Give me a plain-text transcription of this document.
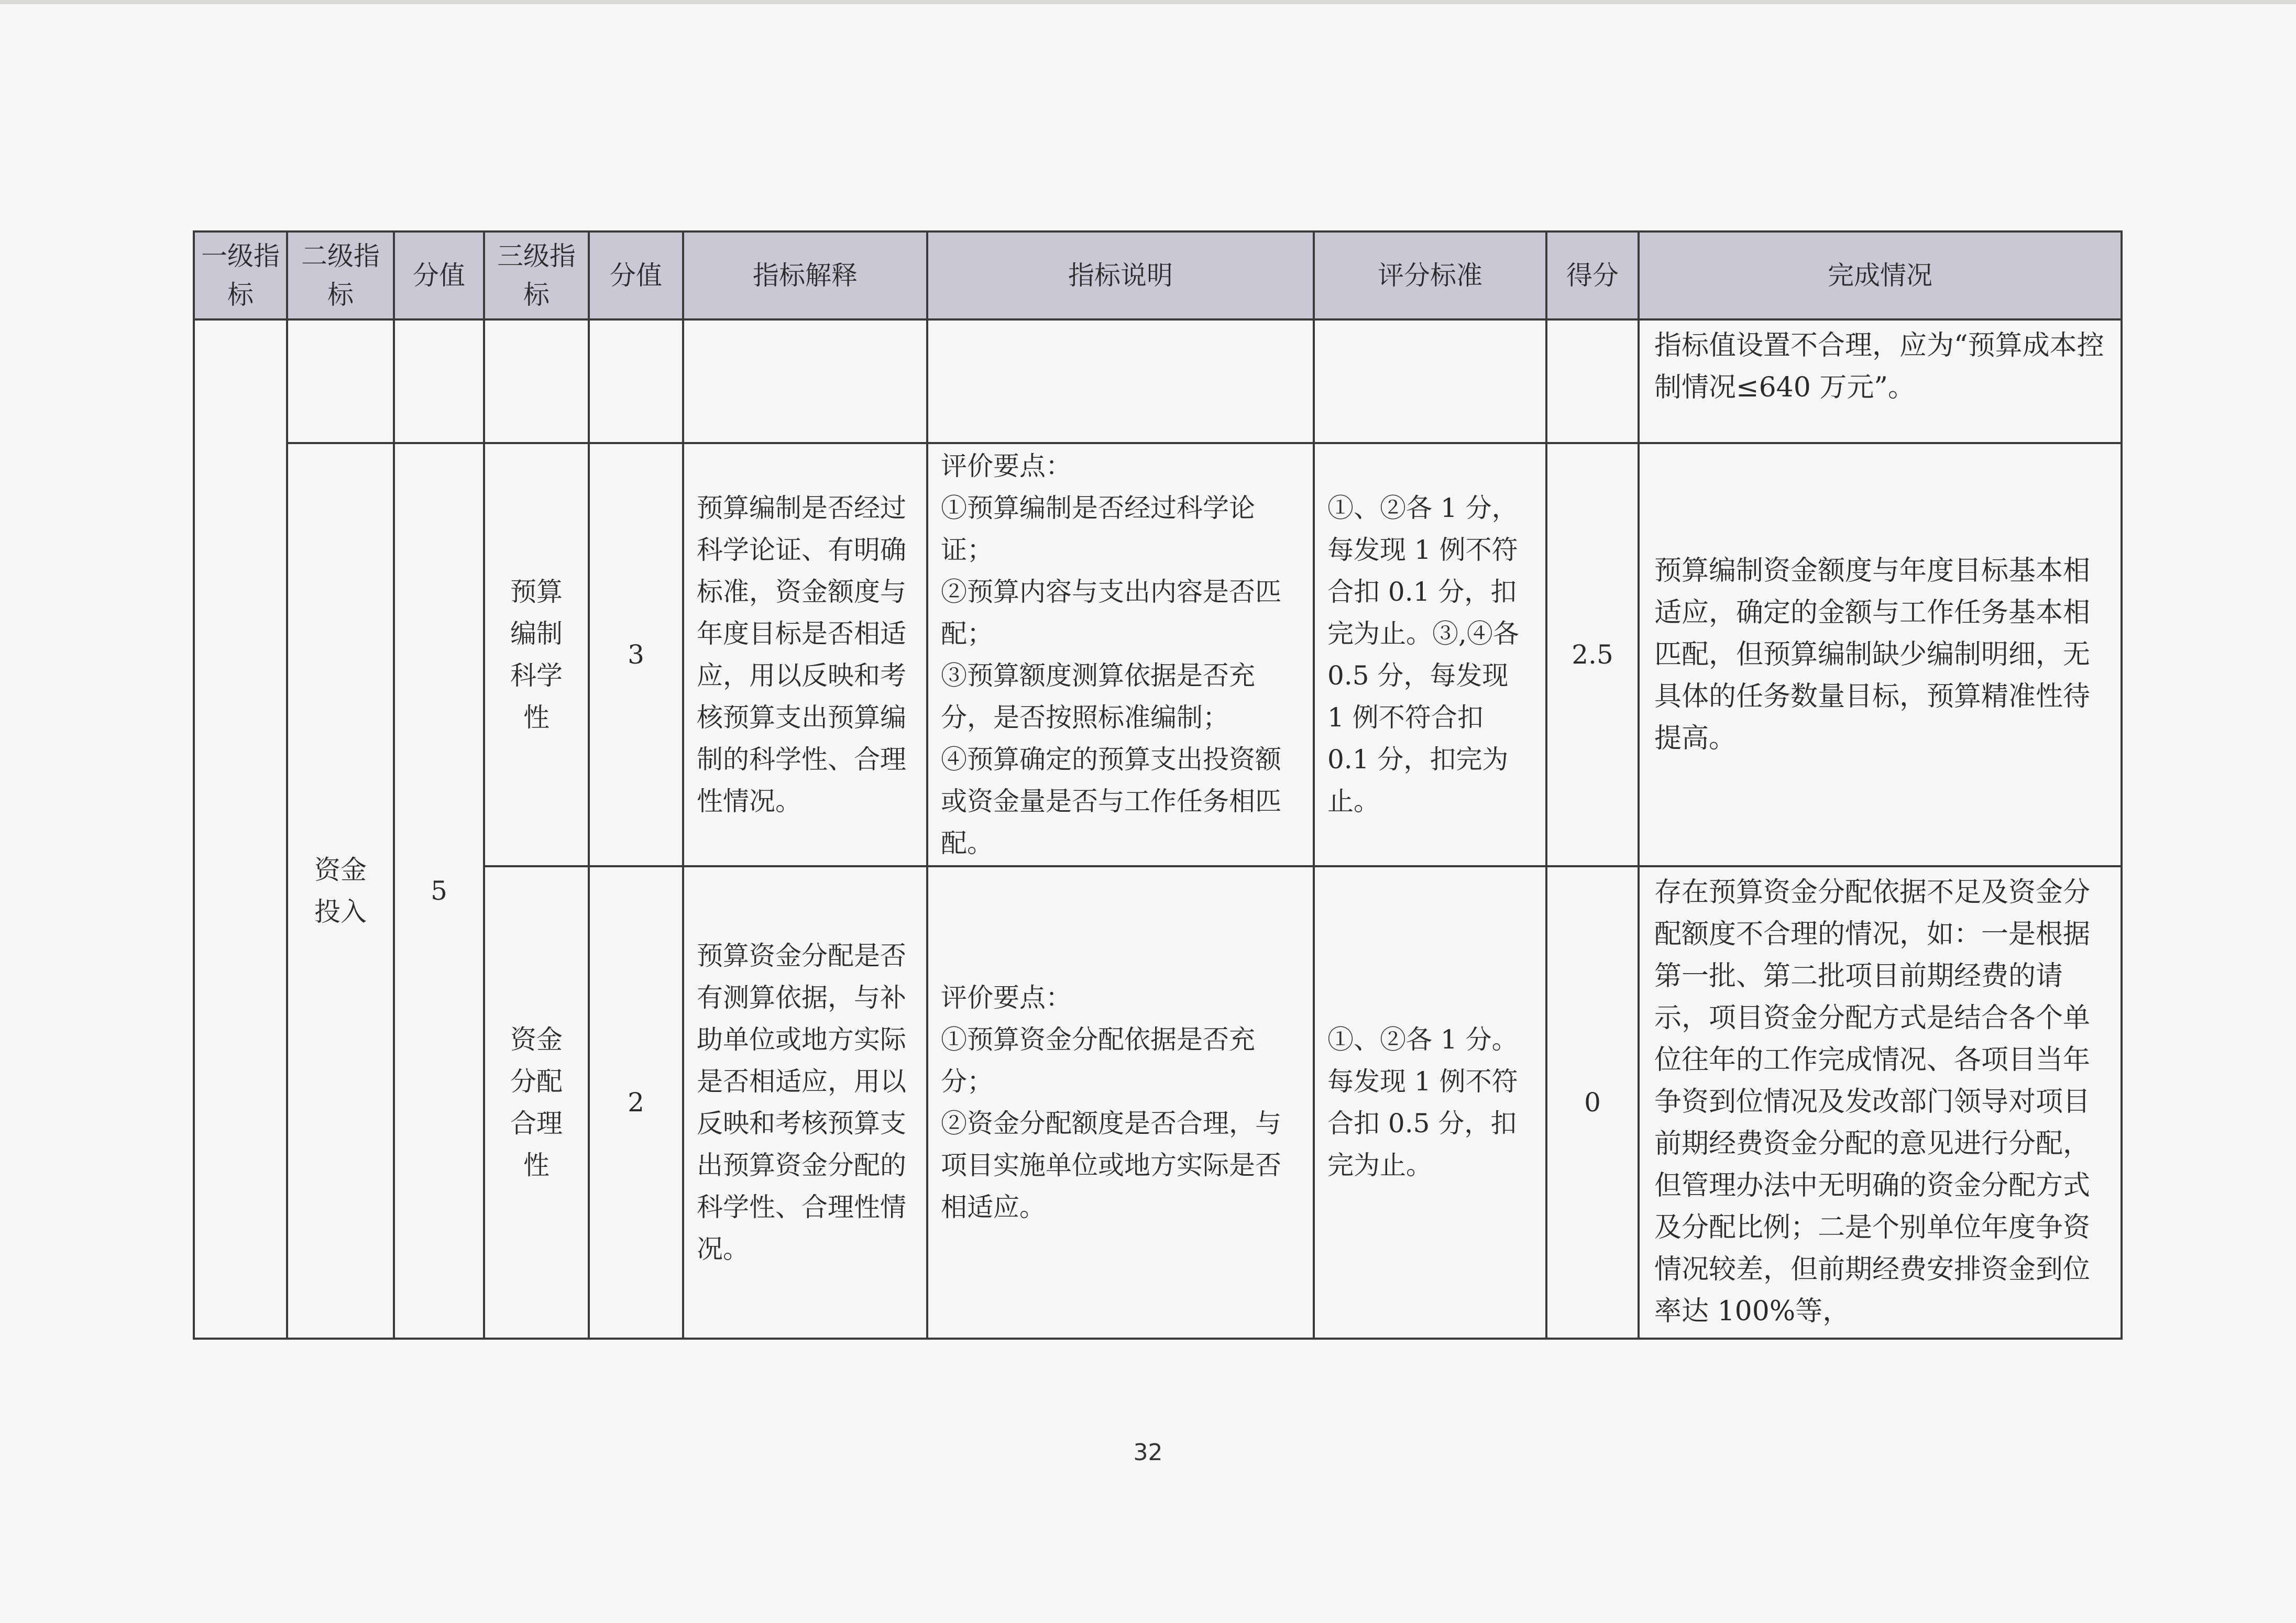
一级指标	二级指标	分值	三级指标	分值	指标解释	指标说明	评分标准	得分	完成情况
									指标值设置不合理，应为“预算成本控制情况≤640 万元”。
	资金投入	5	预算编制科学性	3	预算编制是否经过科学论证、有明确标准，资金额度与年度目标是否相适应，用以反映和考核预算支出预算编制的科学性、合理性情况。	评价要点：
①预算编制是否经过科学论证；
②预算内容与支出内容是否匹配；
③预算额度测算依据是否充分，是否按照标准编制；
④预算确定的预算支出投资额或资金量是否与工作任务相匹配。	①、②各 1 分，每发现 1 例不符合扣 0.1 分，扣完为止。③,④各 0.5 分，每发现 1 例不符合扣 0.1 分，扣完为止。	2.5	预算编制资金额度与年度目标基本相适应，确定的金额与工作任务基本相匹配，但预算编制缺少编制明细，无具体的任务数量目标，预算精准性待提高。
			资金分配合理性	2	预算资金分配是否有测算依据，与补助单位或地方实际是否相适应，用以反映和考核预算支出预算资金分配的科学性、合理性情况。	评价要点：
①预算资金分配依据是否充分；
②资金分配额度是否合理，与项目实施单位或地方实际是否相适应。	①、②各 1 分。每发现 1 例不符合扣 0.5 分，扣完为止。	0	存在预算资金分配依据不足及资金分配额度不合理的情况，如：一是根据第一批、第二批项目前期经费的请示，项目资金分配方式是结合各个单位往年的工作完成情况、各项目当年争资到位情况及发改部门领导对项目前期经费资金分配的意见进行分配，但管理办法中无明确的资金分配方式及分配比例；二是个别单位年度争资情况较差，但前期经费安排资金到位率达 100%等，
32
